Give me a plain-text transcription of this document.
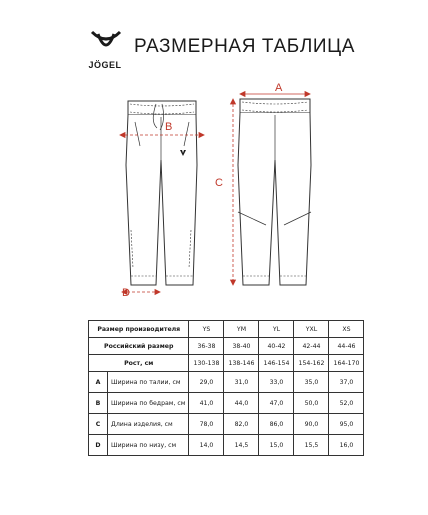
JÖGEL
РАЗМЕРНАЯ ТАБЛИЦА
A
B
C
D
Размер производителя		YS	YM	YL	YXL	XS
Российский размер		36-38	38-40	40-42	42-44	44-46
Рост, см		130-138	138-146	146-154	154-162	164-170
A	Ширина по талии, см	29,0	31,0	33,0	35,0	37,0
B	Ширина по бедрам, см	41,0	44,0	47,0	50,0	52,0
C	Длина изделия, см	78,0	82,0	86,0	90,0	95,0
D	Ширина по низу, см	14,0	14,5	15,0	15,5	16,0
